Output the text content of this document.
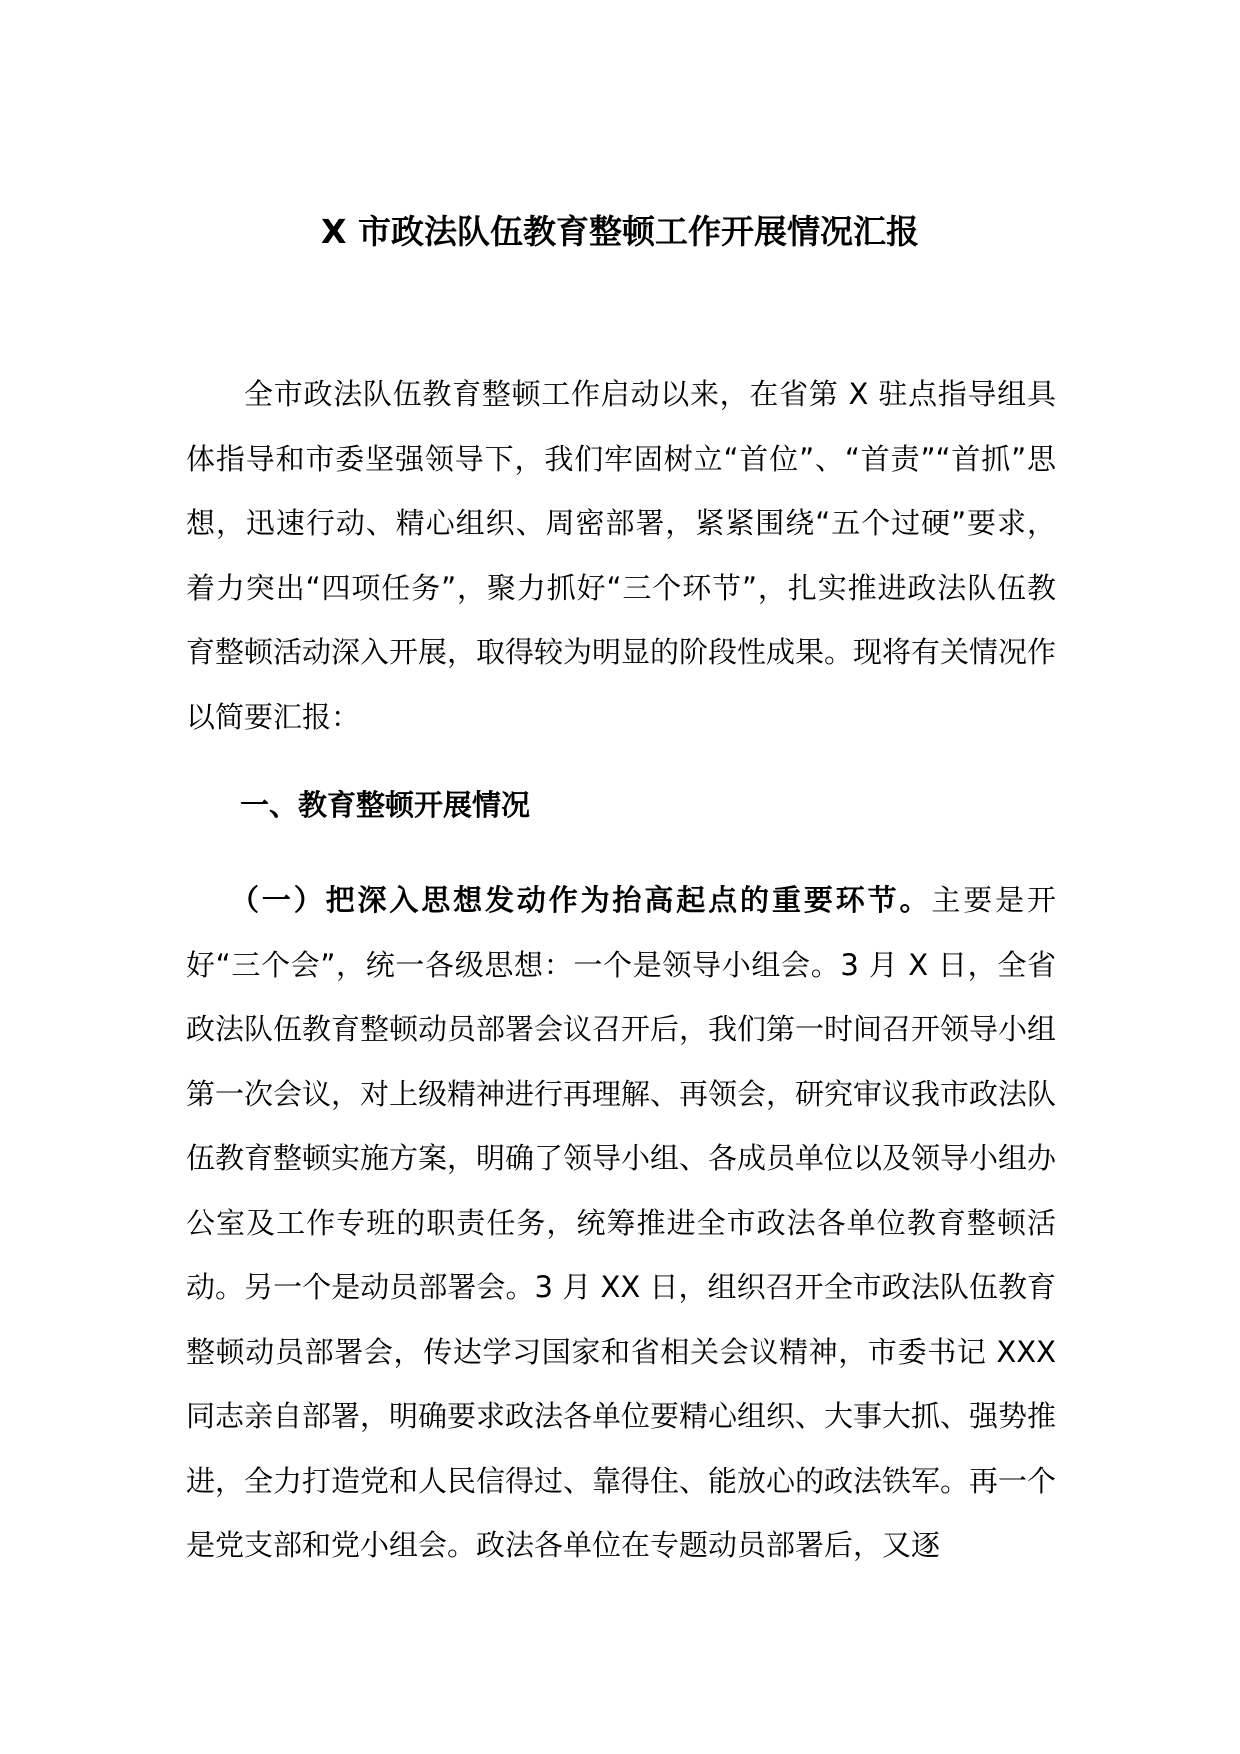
X 市政法队伍教育整顿工作开展情况汇报

全市政法队伍教育整顿工作启动以来，在省第 X 驻点指导组具体指导和市委坚强领导下，我们牢固树立“首位”、“首责”“首抓”思想，迅速行动、精心组织、周密部署，紧紧围绕“五个过硬”要求，着力突出“四项任务”，聚力抓好“三个环节”，扎实推进政法队伍教育整顿活动深入开展，取得较为明显的阶段性成果。现将有关情况作以简要汇报：

一、教育整顿开展情况

（一）把深入思想发动作为抬高起点的重要环节。主要是开好“三个会”，统一各级思想：一个是领导小组会。3 月 X 日，全省政法队伍教育整顿动员部署会议召开后，我们第一时间召开领导小组第一次会议，对上级精神进行再理解、再领会，研究审议我市政法队伍教育整顿实施方案，明确了领导小组、各成员单位以及领导小组办公室及工作专班的职责任务，统筹推进全市政法各单位教育整顿活动。另一个是动员部署会。3 月 XX 日，组织召开全市政法队伍教育整顿动员部署会，传达学习国家和省相关会议精神，市委书记 XXX 同志亲自部署，明确要求政法各单位要精心组织、大事大抓、强势推进，全力打造党和人民信得过、靠得住、能放心的政法铁军。再一个是党支部和党小组会。政法各单位在专题动员部署后，又逐
